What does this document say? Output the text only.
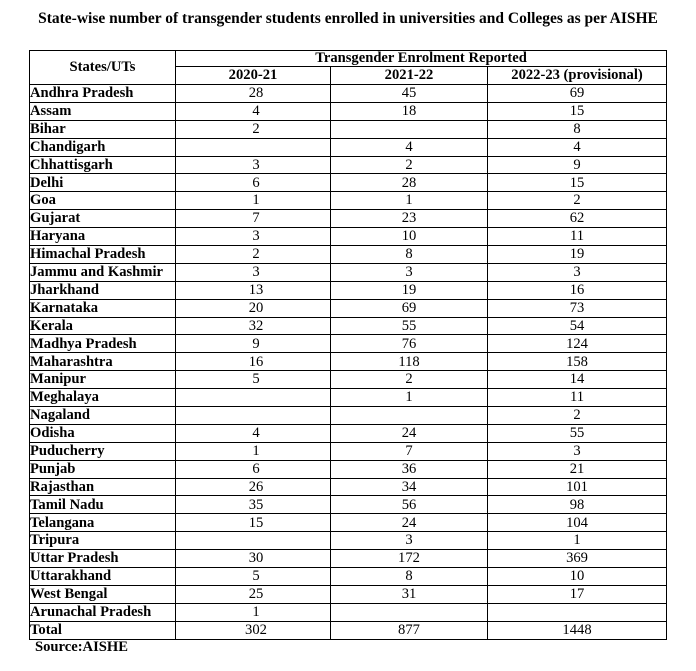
State-wise number of transgender students enrolled in universities and Colleges as per AISHE
States/UTs	Transgender Enrolment Reported		
	2020-21	2021-22	2022-23 (provisional)
Andhra Pradesh	28	45	69
Assam	4	18	15
Bihar	2		8
Chandigarh		4	4
Chhattisgarh	3	2	9
Delhi	6	28	15
Goa	1	1	2
Gujarat	7	23	62
Haryana	3	10	11
Himachal Pradesh	2	8	19
Jammu and Kashmir	3	3	3
Jharkhand	13	19	16
Karnataka	20	69	73
Kerala	32	55	54
Madhya Pradesh	9	76	124
Maharashtra	16	118	158
Manipur	5	2	14
Meghalaya		1	11
Nagaland			2
Odisha	4	24	55
Puducherry	1	7	3
Punjab	6	36	21
Rajasthan	26	34	101
Tamil Nadu	35	56	98
Telangana	15	24	104
Tripura		3	1
Uttar Pradesh	30	172	369
Uttarakhand	5	8	10
West Bengal	25	31	17
Arunachal Pradesh	1		
Total	302	877	1448
Source:AISHE
